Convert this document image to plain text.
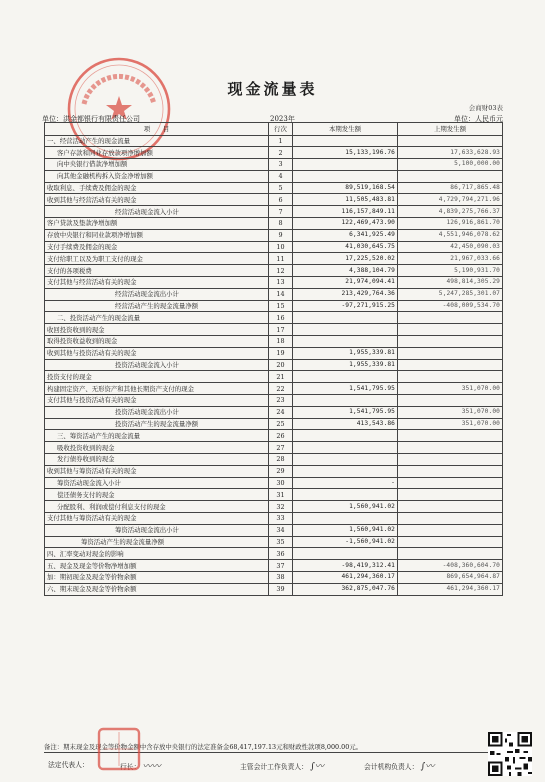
现金流量表
会商财03表
单位：洪金都银行有限责任公司	2023年	单位：人民币元
项　　目	行次	本期发生额	上期发生额
一、经营活动产生的现金流量	1		
客户存款和同业存放款项净增加额	2	15,133,196.76	17,633,628.93
向中央银行借款净增加额	3		5,100,000.00
向其他金融机构拆入资金净增加额	4		
收取利息、手续费及佣金的现金	5	89,519,168.54	86,717,865.48
收到其他与经营活动有关的现金	6	11,505,483.81	4,729,794,271.96
经营活动现金流入小计	7	116,157,849.11	4,839,275,766.37
客户贷款及垫款净增加额	8	122,469,473.90	126,916,861.70
存放中央银行和同业款项净增加额	9	6,341,925.49	4,551,946,078.62
支付手续费及佣金的现金	10	41,030,645.75	42,450,090.03
支付给职工以及为职工支付的现金	11	17,225,520.02	21,967,033.66
支付的各项税费	12	4,388,104.79	5,190,931.70
支付其他与经营活动有关的现金	13	21,974,094.41	498,814,305.29
经营活动现金流出小计	14	213,429,764.36	5,247,285,301.07
经营活动产生的现金流量净额	15	-97,271,915.25	-408,009,534.70
二、投资活动产生的现金流量	16		
收回投资收到的现金	17		
取得投资收益收到的现金	18		
收到其他与投资活动有关的现金	19	1,955,339.81	
投资活动现金流入小计	20	1,955,339.81	
投资支付的现金	21		
构建固定资产、无形资产和其他长期资产支付的现金	22	1,541,795.95	351,070.00
支付其他与投资活动有关的现金	23		
投资活动现金流出小计	24	1,541,795.95	351,070.00
投资活动产生的现金流量净额	25	413,543.86	351,070.00
三、筹资活动产生的现金流量	26		
吸收投资收到的现金	27		
发行债券收到的现金	28		
收到其他与筹资活动有关的现金	29		
筹资活动现金流入小计	30	-	
偿还债务支付的现金	31		
分配股利、利润或偿付利息支付的现金	32	1,560,941.02	
支付其他与筹资活动有关的现金	33		
筹资活动现金流出小计	34	1,560,941.02	
筹资活动产生的现金流量净额	35	-1,560,941.02	
四、汇率变动对现金的影响	36		
五、现金及现金等价物净增加额	37	-98,419,312.41	-408,360,604.70
加：期初现金及现金等价物余额	38	461,294,360.17	869,654,964.87
六、期末现金及现金等价物余额	39	362,875,047.76	461,294,360.17
备注：期末现金及现金等价物金额中含存放中央银行的法定准备金68,417,197.13元和财政性款项8,000.00元。
法定代表人：	行长： 〰〰	主管会计工作负责人： ∫〰	会计机构负责人： ∫〰
